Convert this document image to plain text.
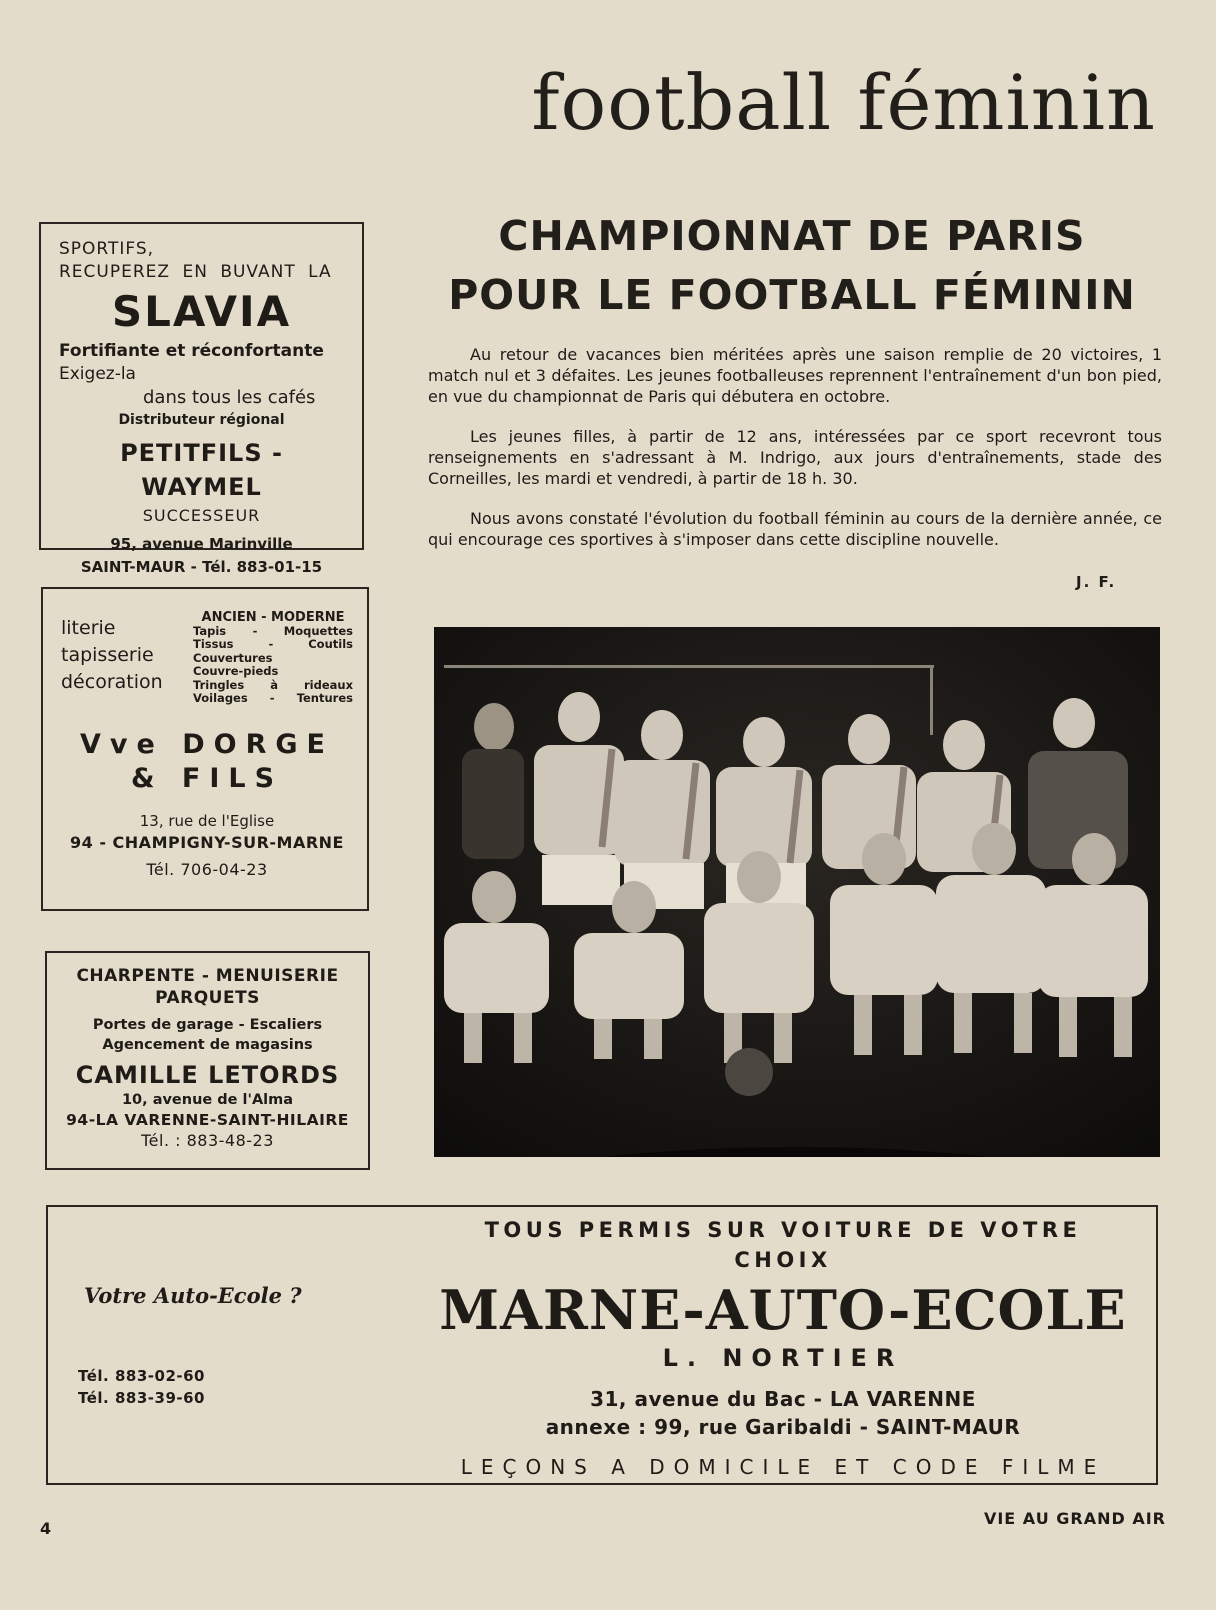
football féminin
SPORTIFS,
RECUPEREZ EN BUVANT LA
SLAVIA
Fortifiante et réconfortante
Exigez-la
dans tous les cafés
Distributeur régional
PETITFILS - WAYMEL
SUCCESSEUR
95, avenue Marinville
SAINT-MAUR - Tél. 883-01-15
literie
tapisserie
décoration
ANCIEN - MODERNE
Tapis - Moquettes
Tissus - Coutils
Couvertures
Couvre-pieds
Tringles à rideaux
Voilages - Tentures
Vve DORGE
& FILS
13, rue de l'Eglise
94 - CHAMPIGNY-SUR-MARNE
Tél. 706-04-23
CHARPENTE - MENUISERIE
PARQUETS
Portes de garage - Escaliers
Agencement de magasins
CAMILLE LETORDS
10, avenue de l'Alma
94-LA VARENNE-SAINT-HILAIRE
Tél. : 883-48-23
CHAMPIONNAT DE PARIS
POUR LE FOOTBALL FÉMININ

Au retour de vacances bien méritées après une saison remplie de 20 victoires, 1 match nul et 3 défaites. Les jeunes footballeuses reprennent l'entraînement d'un bon pied, en vue du championnat de Paris qui débutera en octobre.

Les jeunes filles, à partir de 12 ans, intéressées par ce sport recevront tous renseignements en s'adressant à M. Indrigo, aux jours d'entraînements, stade des Corneilles, les mardi et vendredi, à partir de 18 h. 30.

Nous avons constaté l'évolution du football féminin au cours de la dernière année, ce qui encourage ces sportives à s'imposer dans cette discipline nouvelle.

J. F.
Votre Auto-Ecole ?
Tél. 883-02-60
Tél. 883-39-60
TOUS PERMIS SUR VOITURE DE VOTRE CHOIX
MARNE-AUTO-ECOLE
L. NORTIER
31, avenue du Bac - LA VARENNE
annexe : 99, rue Garibaldi - SAINT-MAUR
LEÇONS A DOMICILE ET CODE FILME
4
VIE AU GRAND AIR
